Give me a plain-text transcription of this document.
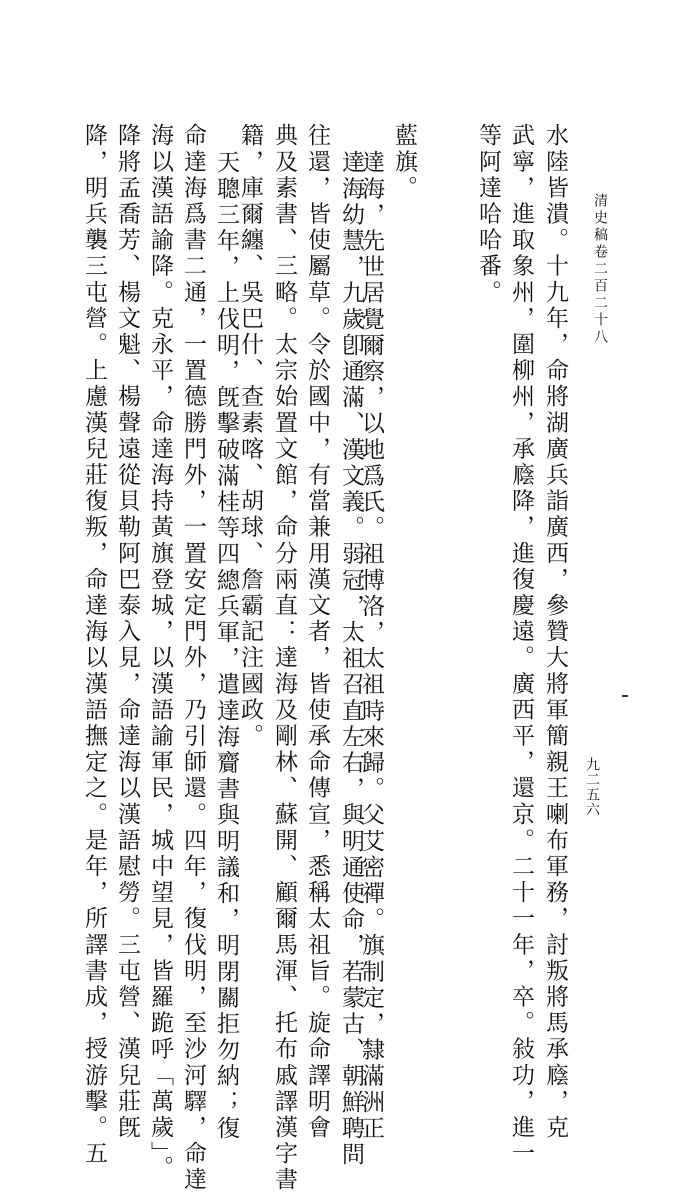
清史稿卷二百二十八
九二五六
水陸皆潰。十九年，命將湖廣兵詣廣西，參贊大將軍簡親王喇布軍務，討叛將馬承廕，克
武寧，進取象州，圍柳州，承廕降，進復慶遠。廣西平，還京。二十一年，卒。敍功，進一
等阿達哈哈番。
藍旗。
達海，先世居覺爾察，以地爲氏。祖博洛，太祖時來歸。父艾密禪。旗制定，隸滿洲正
達海幼慧，九歲卽通滿、漢文義。弱冠，太祖召直左右，與明通使命，若蒙古、朝鮮聘問
往還，皆使屬草。令於國中，有當兼用漢文者，皆使承命傳宣，悉稱太祖旨。旋命譯明會
典及素書、三略。太宗始置文館，命分兩直：達海及剛林、蘇開、顧爾馬渾、托布戚譯漢字書
籍，庫爾纏、吳巴什、查素喀、胡球、詹霸記注國政。
天聰三年，上伐明，旣擊破滿桂等四總兵軍，遣達海齎書與明議和，明閉關拒勿納；復
命達海爲書二通，一置德勝門外，一置安定門外，乃引師還。四年，復伐明，至沙河驛，命達
海以漢語諭降。克永平，命達海持黃旗登城，以漢語諭軍民，城中望見，皆羅跪呼「萬歲」。
降將孟喬芳、楊文魁、楊聲遠從貝勒阿巴泰入見，命達海以漢語慰勞。三屯營、漢兒莊旣
降，明兵襲三屯營。上慮漢兒莊復叛，命達海以漢語撫定之。是年，所譯書成，授游擊。五
